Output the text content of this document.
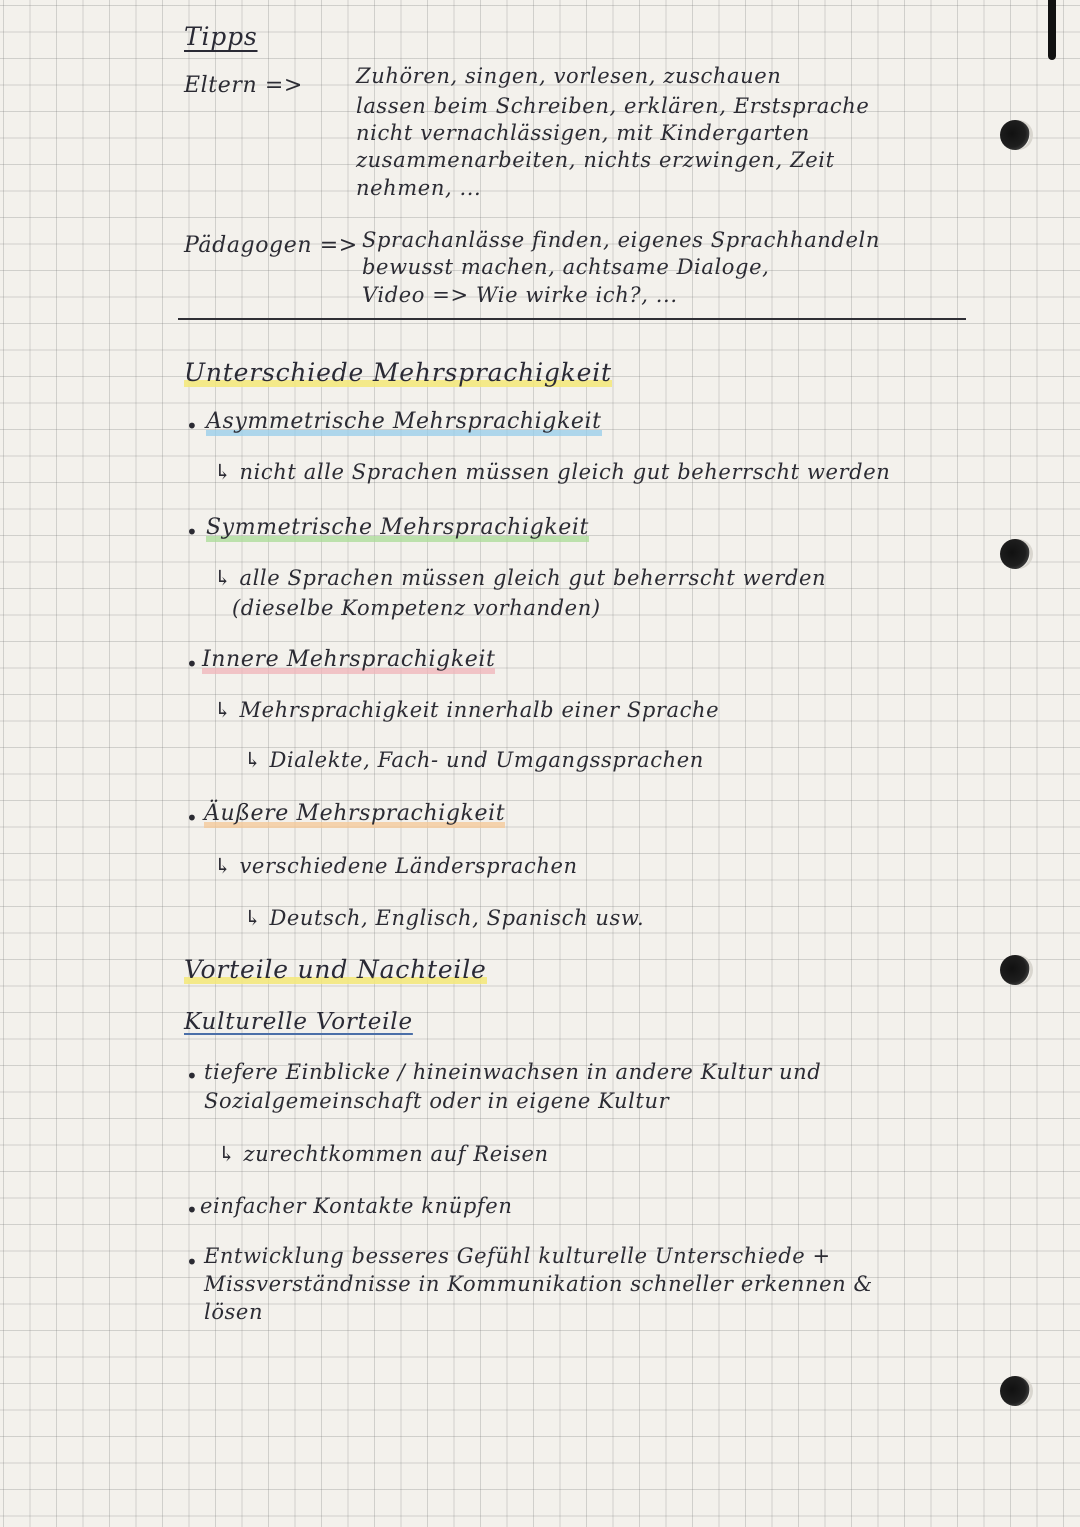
Tipps
Eltern =>	Zuhören, singen, vorlesen, zuschauen
lassen beim Schreiben, erklären, Erstsprache
nicht vernachlässigen, mit Kindergarten
zusammenarbeiten, nichts erzwingen, Zeit
nehmen, ...
Pädagogen => Sprachanlässe finden, eigenes Sprachhandeln
bewusst machen, achtsame Dialoge,
Video => Wie wirke ich?, ...
Unterschiede Mehrsprachigkeit
• Asymmetrische Mehrsprachigkeit
↳ nicht alle Sprachen müssen gleich gut beherrscht werden
• Symmetrische Mehrsprachigkeit
↳ alle Sprachen müssen gleich gut beherrscht werden
(dieselbe Kompetenz vorhanden)
• Innere Mehrsprachigkeit
↳ Mehrsprachigkeit innerhalb einer Sprache
↳ Dialekte, Fach- und Umgangssprachen
• Äußere Mehrsprachigkeit
↳ verschiedene Ländersprachen
↳ Deutsch, Englisch, Spanisch usw.
Vorteile und Nachteile
Kulturelle Vorteile
• tiefere Einblicke / hineinwachsen in andere Kultur und
Sozialgemeinschaft oder in eigene Kultur
↳ zurechtkommen auf Reisen
• einfacher Kontakte knüpfen
• Entwicklung besseres Gefühl kulturelle Unterschiede +
Missverständnisse in Kommunikation schneller erkennen &
lösen
